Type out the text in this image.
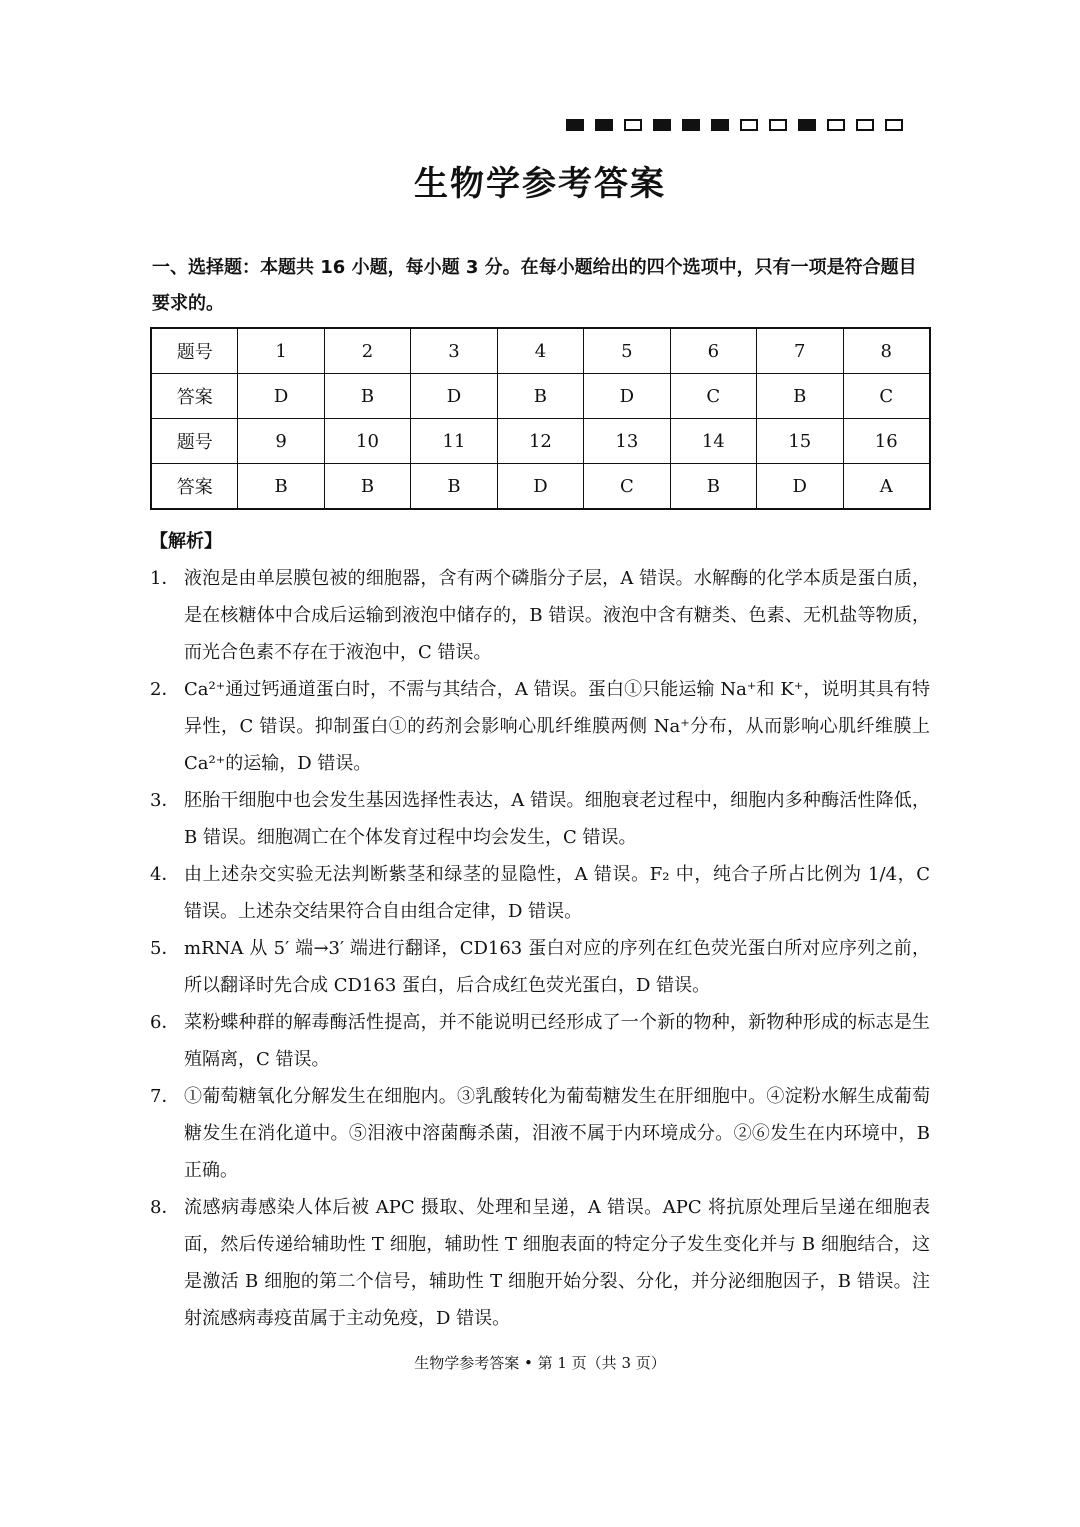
生物学参考答案
一、选择题：本题共 16 小题，每小题 3 分。在每小题给出的四个选项中，只有一项是符合题目要求的。
题号	1	2	3	4	5	6	7	8
答案	D	B	D	B	D	C	B	C
题号	9	10	11	12	13	14	15	16
答案	B	B	B	D	C	B	D	A
【解析】
1． 液泡是由单层膜包被的细胞器，含有两个磷脂分子层，A 错误。水解酶的化学本质是蛋白质，是在核糖体中合成后运输到液泡中储存的，B 错误。液泡中含有糖类、色素、无机盐等物质，而光合色素不存在于液泡中，C 错误。
2． Ca²⁺通过钙通道蛋白时，不需与其结合，A 错误。蛋白①只能运输 Na⁺和 K⁺，说明其具有特异性，C 错误。抑制蛋白①的药剂会影响心肌纤维膜两侧 Na⁺分布，从而影响心肌纤维膜上 Ca²⁺的运输，D 错误。
3． 胚胎干细胞中也会发生基因选择性表达，A 错误。细胞衰老过程中，细胞内多种酶活性降低，B 错误。细胞凋亡在个体发育过程中均会发生，C 错误。
4． 由上述杂交实验无法判断紫茎和绿茎的显隐性，A 错误。F₂ 中，纯合子所占比例为 1/4，C 错误。上述杂交结果符合自由组合定律，D 错误。
5． mRNA 从 5′ 端→3′ 端进行翻译，CD163 蛋白对应的序列在红色荧光蛋白所对应序列之前，所以翻译时先合成 CD163 蛋白，后合成红色荧光蛋白，D 错误。
6． 菜粉蝶种群的解毒酶活性提高，并不能说明已经形成了一个新的物种，新物种形成的标志是生殖隔离，C 错误。
7． ①葡萄糖氧化分解发生在细胞内。③乳酸转化为葡萄糖发生在肝细胞中。④淀粉水解生成葡萄糖发生在消化道中。⑤泪液中溶菌酶杀菌，泪液不属于内环境成分。②⑥发生在内环境中，B 正确。
8． 流感病毒感染人体后被 APC 摄取、处理和呈递，A 错误。APC 将抗原处理后呈递在细胞表面，然后传递给辅助性 T 细胞，辅助性 T 细胞表面的特定分子发生变化并与 B 细胞结合，这是激活 B 细胞的第二个信号，辅助性 T 细胞开始分裂、分化，并分泌细胞因子，B 错误。注射流感病毒疫苗属于主动免疫，D 错误。
生物学参考答案 • 第 1 页（共 3 页）
